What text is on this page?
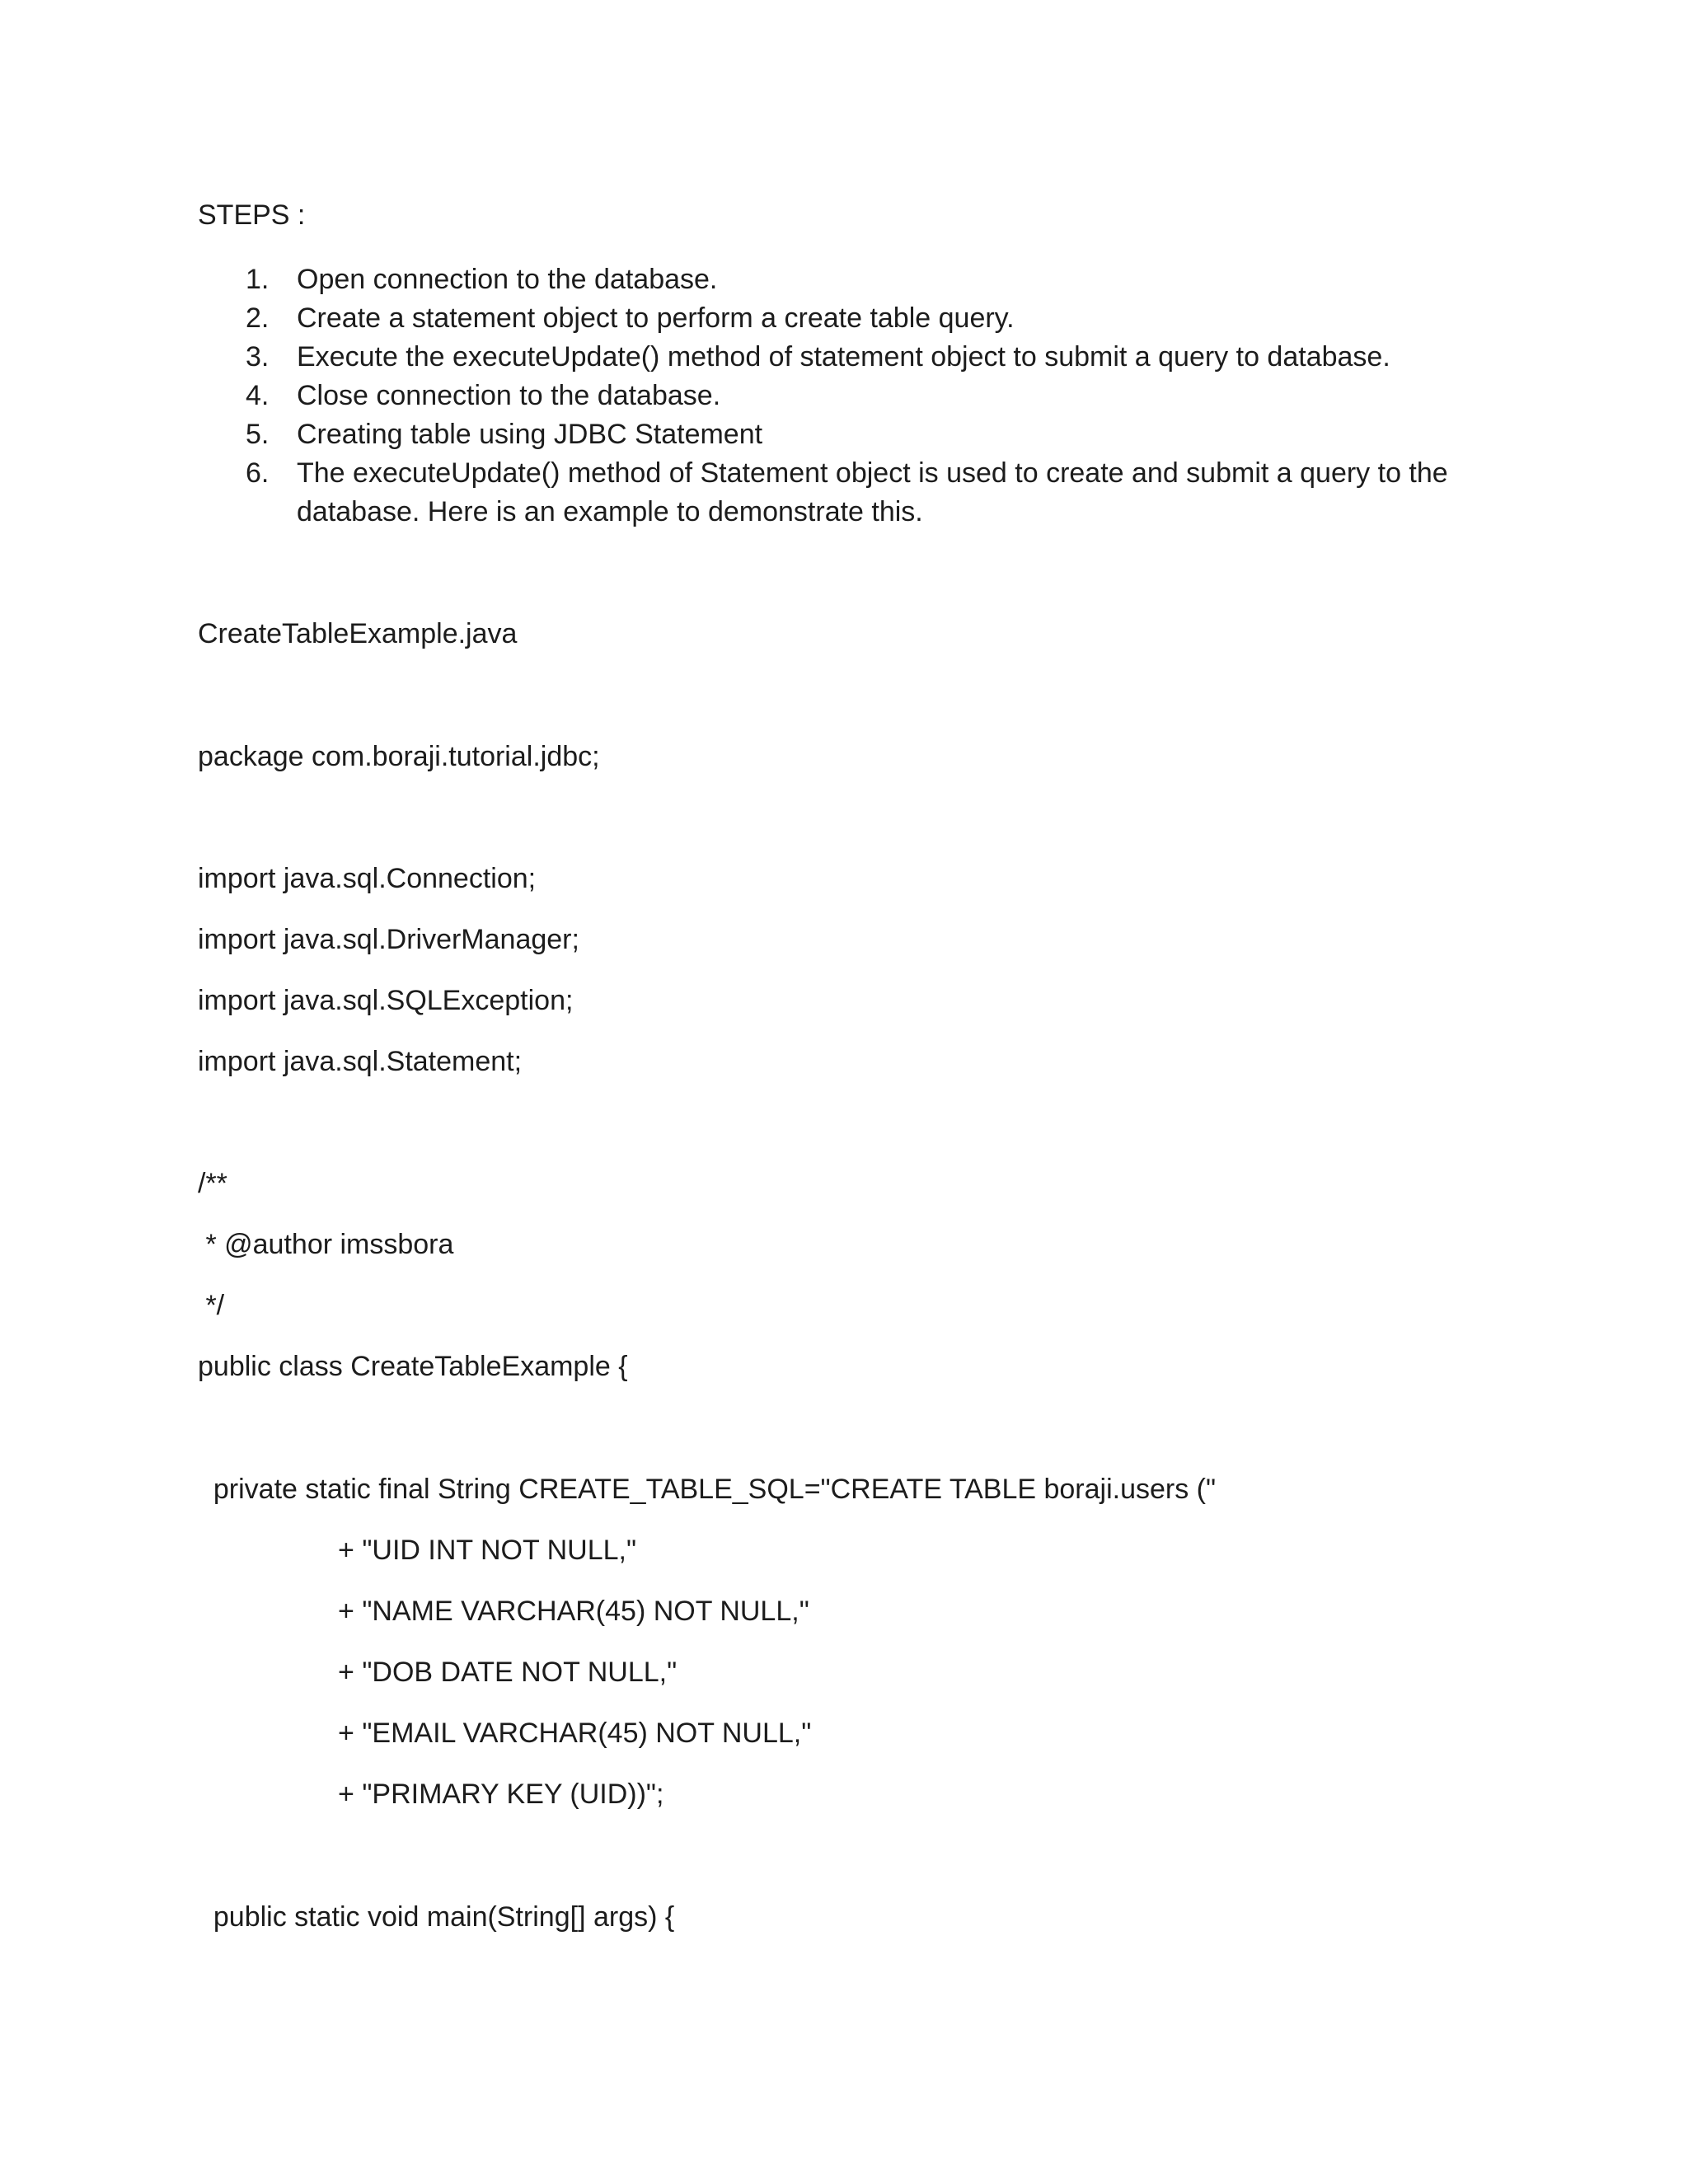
STEPS :

1. Open connection to the database.
2. Create a statement object to perform a create table query.
3. Execute the executeUpdate() method of statement object to submit a query to database.
4. Close connection to the database.
5. Creating table using JDBC Statement
6. The executeUpdate() method of Statement object is used to create and submit a query to the database. Here is an example to demonstrate this.

CreateTableExample.java

package com.boraji.tutorial.jdbc;

import java.sql.Connection;

import java.sql.DriverManager;

import java.sql.SQLException;

import java.sql.Statement;

/**

* @author imssbora

*/

public class CreateTableExample {

private static final String CREATE_TABLE_SQL="CREATE TABLE boraji.users ("

+ "UID INT NOT NULL,"

+ "NAME VARCHAR(45) NOT NULL,"

+ "DOB DATE NOT NULL,"

+ "EMAIL VARCHAR(45) NOT NULL,"

+ "PRIMARY KEY (UID))";

public static void main(String[] args) {
